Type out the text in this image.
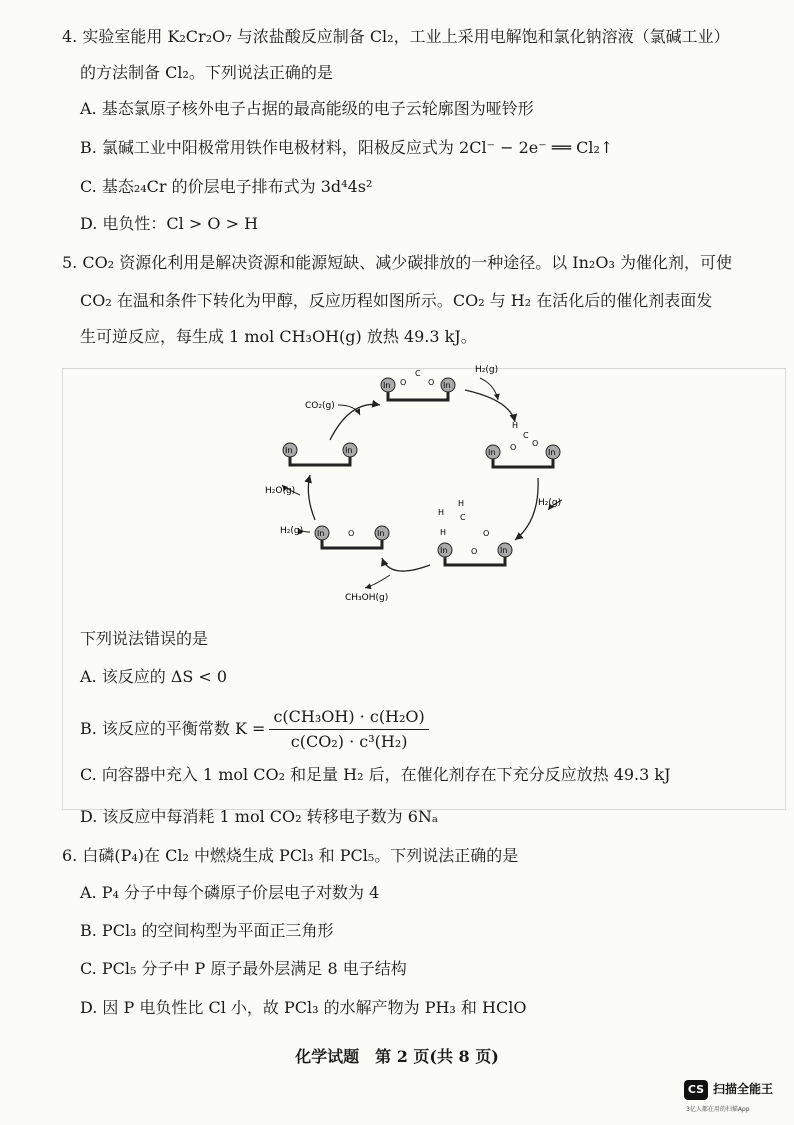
4. 实验室能用 K₂Cr₂O₇ 与浓盐酸反应制备 Cl₂，工业上采用电解饱和氯化钠溶液（氯碱工业）
的方法制备 Cl₂。下列说法正确的是
A. 基态氯原子核外电子占据的最高能级的电子云轮廓图为哑铃形
B. 氯碱工业中阳极常用铁作电极材料，阳极反应式为 2Cl⁻ − 2e⁻ ══ Cl₂↑
C. 基态₂₄Cr 的价层电子排布式为 3d⁴4s²
D. 电负性：Cl > O > H
5. CO₂ 资源化利用是解决资源和能源短缺、减少碳排放的一种途径。以 In₂O₃ 为催化剂，可使
CO₂ 在温和条件下转化为甲醇，反应历程如图所示。CO₂ 与 H₂ 在活化后的催化剂表面发
生可逆反应，每生成 1 mol CH₃OH(g) 放热 49.3 kJ。
In	In
O
C
O
In	In
H
C
O
O
In	In
O
C
H
H
H	O
In	In
O
In	In
CO₂(g)
H₂(g)
H₂(g)
H₂O(g)
H₂(g)
CH₃OH(g)
下列说法错误的是
A. 该反应的 ΔS < 0
B. 该反应的平衡常数 $K = \frac{\text{c(CH₃OH) · c(H₂O)}}{\text{c(CO₂) · c³(H₂)}}$
C. 向容器中充入 1 mol CO₂ 和足量 H₂ 后，在催化剂存在下充分反应放热 49.3 kJ
D. 该反应中每消耗 1 mol CO₂ 转移电子数为 6Nₐ
6. 白磷(P₄)在 Cl₂ 中燃烧生成 PCl₃ 和 PCl₅。下列说法正确的是
A. P₄ 分子中每个磷原子价层电子对数为 4
B. PCl₃ 的空间构型为平面正三角形
C. PCl₅ 分子中 P 原子最外层满足 8 电子结构
D. 因 P 电负性比 Cl 小，故 PCl₃ 的水解产物为 PH₃ 和 HClO
化学试题　第 2 页(共 8 页)
CS 扫描全能王
3亿人都在用的扫描App
